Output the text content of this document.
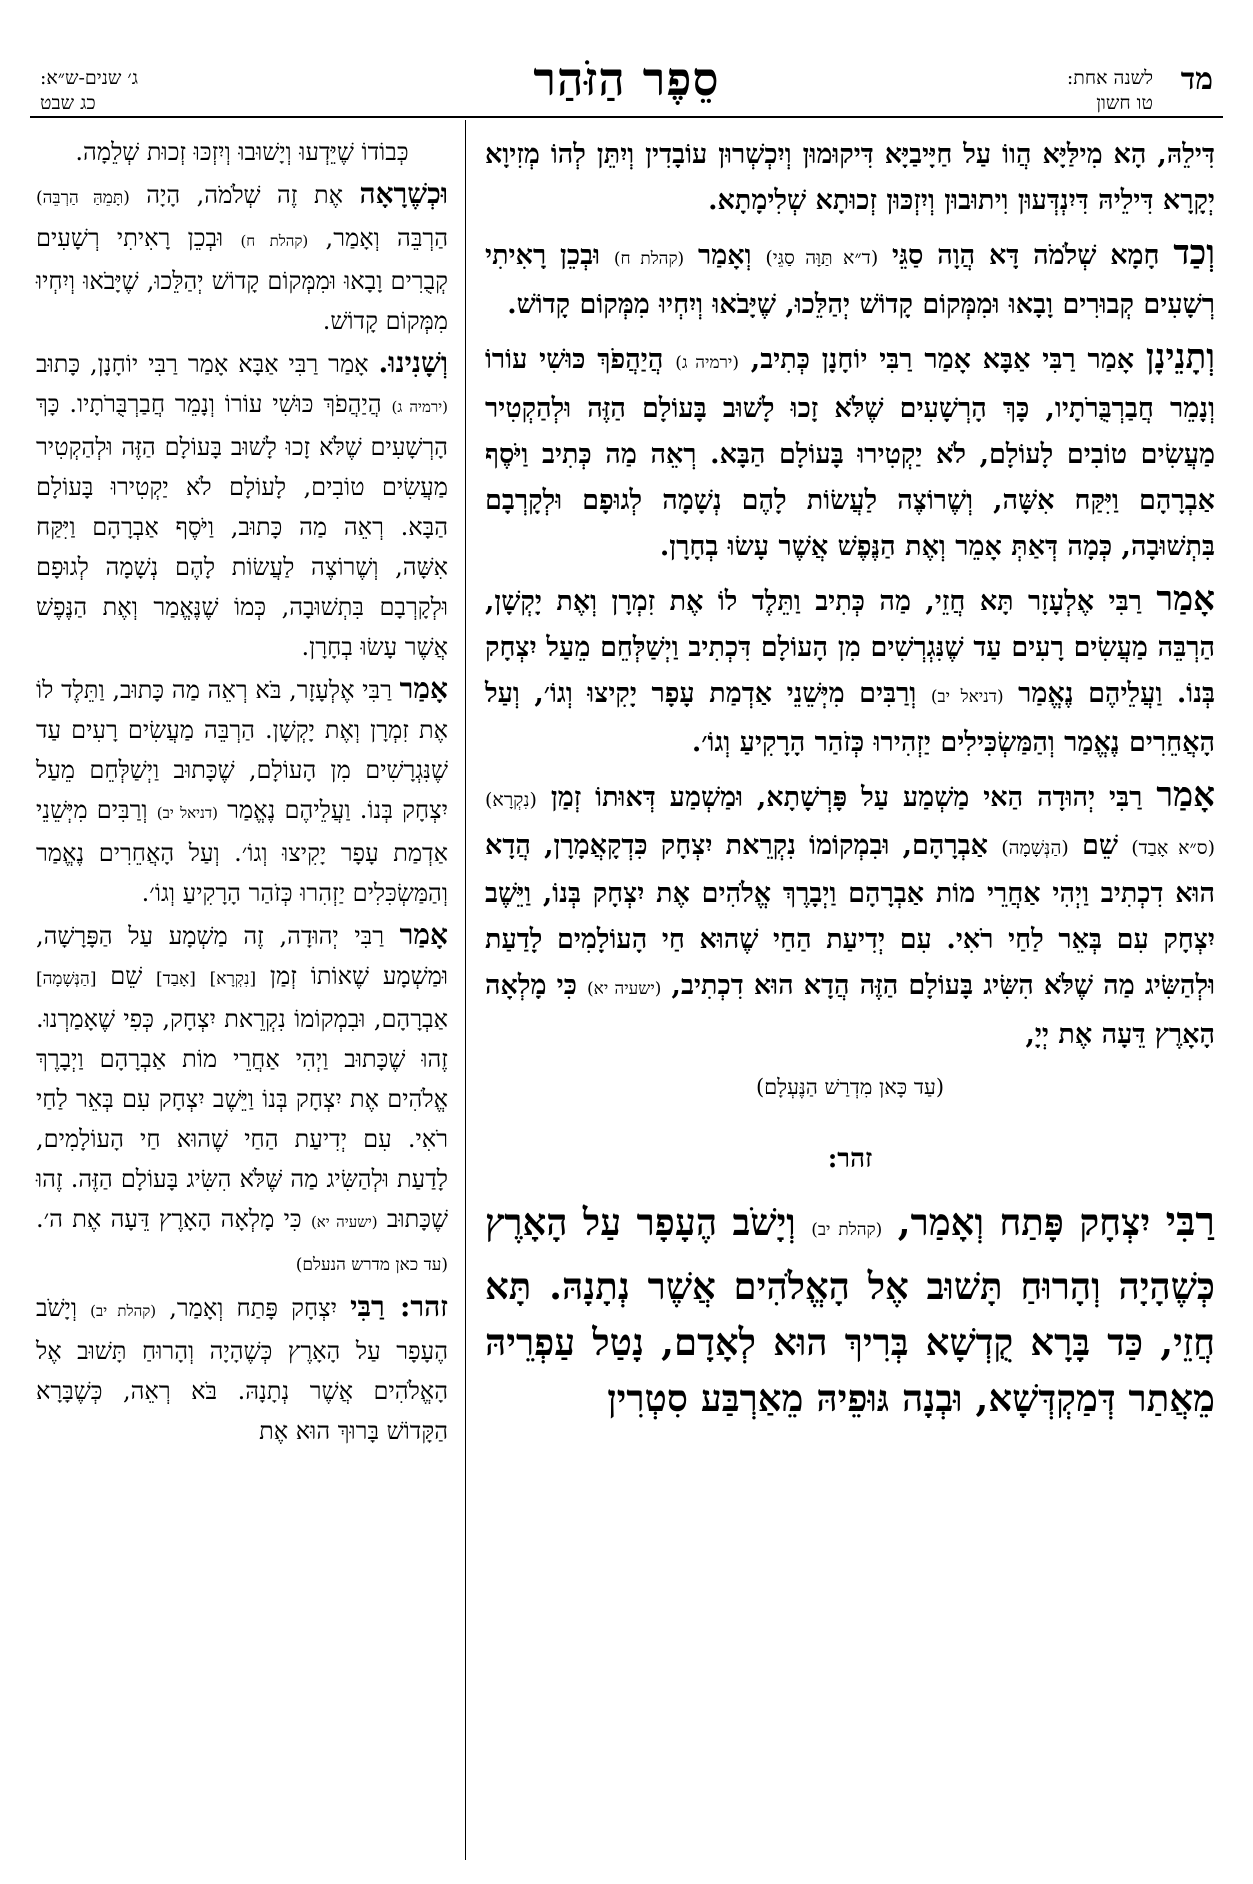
מד
לשנה אחת:
טו חשון
סֵפֶר הַזֹּהַר
ג׳ שנים-ש״א:
כג שבט

דִּילֵהּ, הָא מִילַּיָּא הֲווֹ עַל חַיָּיבַיָּא דִּיקוּמוּן וְיִכְשְׁרוּן עוֹבָדִין וְיִתֵּן לְהוֹ מְזִיוָא יְקָרָא דִּילֵיהּ דִּיִנְדְּעוּן וִיתוּבוּן וְיִזְכּוּן זְכוּתָא שְׁלִימָתָא.

וְכַד חָמָא שְׁלֹמֹה דָּא הֲוָה סַגֵּי (ד״א תַּוָּה סַגֵּי) וְאָמַר (קהלת ח) וּבְכֵן רָאִיתִי רְשָׁעִים קְבוּרִים וָבָאוּ וּמִמְּקוֹם קָדוֹשׁ יְהַלֵּכוּ, שֶׁיָּבֹאוּ וְיִחְיוּ מִמְּקוֹם קָדוֹשׁ.

וְתָנֵינָן אָמַר רַבִּי אַבָּא אָמַר רַבִּי יוֹחָנָן כְּתִיב, (ירמיה ג) הֲיַהֲפֹךְ כּוּשִׁי עוֹרוֹ וְנָמֵר חֲבַרְבֻּרֹתָיו, כָּךְ הָרְשָׁעִים שֶׁלֹּא זָכוּ לָשׁוּב בָּעוֹלָם הַזֶּה וּלְהַקְטִיר מַעֲשִׂים טוֹבִים לָעוֹלָם, לֹא יַקְטִירוּ בָּעוֹלָם הַבָּא. רְאֵה מַה כְּתִיב וַיֹּסֶף אַבְרָהָם וַיִּקַּח אִשָּׁה, וְשֶׁרוֹצֶה לַעֲשׂוֹת לָהֶם נְשָׁמָה לְגוּפָם וּלְקָרְבָם בִּתְשׁוּבָה, כְּמָה דְּאַתְּ אָמֵר וְאֶת הַנֶּפֶשׁ אֲשֶׁר עָשׂוּ בְחָרָן.

אָמַר רַבִּי אֶלְעָזָר תָּא חֲזֵי, מַה כְּתִיב וַתֵּלֶד לוֹ אֶת זִמְרָן וְאֶת יָקְשָׁן, הַרְבֵּה מַעֲשִׂים רָעִים עַד שֶׁנִּגְרְשִׁים מִן הָעוֹלָם דִּכְתִיב וַיְשַׁלְּחֵם מֵעַל יִצְחָק בְּנוֹ. וַעֲלֵיהֶם נֶאֱמַר (דניאל יב) וְרַבִּים מִיְּשֵׁנֵי אַדְמַת עָפָר יָקִיצוּ וְגוֹ׳, וְעַל הָאֲחֵרִים נֶאֱמַר וְהַמַּשְׂכִּילִים יַזְהִירוּ כְּזֹהַר הָרָקִיעַ וְגוֹ׳.

אָמַר רַבִּי יְהוּדָה הַאי מַשְׁמַע עַל פָּרְשָׁתָא, וּמַשְׁמַע דְּאוּתוֹ זְמַן (נִקְרָא) (ס״א אָבַד) שֵׁם (הַנְּשָׁמָה) אַבְרָהָם, וּבִמְקוֹמוֹ נִקְרֵאת יִצְחָק כִּדְקָאֲמָרָן, הֲדָא הוּא דִכְתִיב וַיְהִי אַחֲרֵי מוֹת אַבְרָהָם וַיְבָרֶךְ אֱלֹהִים אֶת יִצְחָק בְּנוֹ, וַיֵּשֶׁב יִצְחָק עִם בְּאֵר לַחַי רֹאִי. עִם יְדִיעַת הַחַי שֶׁהוּא חַי הָעוֹלָמִים לָדַעַת וּלְהַשִּׂיג מַה שֶׁלֹּא הִשִּׂיג בָּעוֹלָם הַזֶּה הֲדָא הוּא דִכְתִיב, (ישעיה יא) כִּי מָלְאָה הָאָרֶץ דֵּעָה אֶת יְיָ,

(עַד כָּאן מִדְרַשׁ הַנֶּעְלָם)

זהר:

רַבִּי יִצְחָק פָּתַח וְאָמַר, (קהלת יב) וְיָשֹׁב הֶעָפָר עַל הָאָרֶץ כְּשֶׁהָיָה וְהָרוּחַ תָּשׁוּב אֶל הָאֱלֹהִים אֲשֶׁר נְתָנָהּ. תָּא חֲזֵי, כַּד בָּרָא קֻדְשָׁא בְּרִיךְ הוּא לְאָדָם, נָטַל עַפְרֵיהּ מֵאֲתַר דְּמַקְדְּשָׁא, וּבְנָה גּוּפֵיהּ מֵאַרְבַּע סִטְרִין

כְּבוֹדוֹ שֶׁיֵּדְעוּ וְיָשׁוּבוּ וְיִזְכּוּ זְכוּת שְׁלֵמָה.

וּכְשֶׁרָאָה אֶת זֶה שְׁלֹמֹה, הָיָה (תָּמֵהַּ הַרְבֵּה) הַרְבֵּה וְאָמַר, (קהלת ח) וּבְכֵן רָאִיתִי רְשָׁעִים קְבֻרִים וָבָאוּ וּמִמְּקוֹם קָדוֹשׁ יְהַלֵּכוּ, שֶׁיָּבֹאוּ וְיִחְיוּ מִמְּקוֹם קָדוֹשׁ.

וְשָׁנִינוּ. אָמַר רַבִּי אַבָּא אָמַר רַבִּי יוֹחָנָן, כָּתוּב (ירמיה ג) הֲיַהֲפֹךְ כּוּשִׁי עוֹרוֹ וְנָמֵר חֲבַרְבֻּרֹתָיו. כָּךְ הָרְשָׁעִים שֶׁלֹּא זָכוּ לָשׁוּב בָּעוֹלָם הַזֶּה וּלְהַקְטִיר מַעֲשִׂים טוֹבִים, לָעוֹלָם לֹא יַקְטִירוּ בָּעוֹלָם הַבָּא. רְאֵה מַה כָּתוּב, וַיֹּסֶף אַבְרָהָם וַיִּקַּח אִשָּׁה, וְשֶׁרוֹצֶה לַעֲשׂוֹת לָהֶם נְשָׁמָה לְגוּפָם וּלְקָרְבָם בִּתְשׁוּבָה, כְּמוֹ שֶׁנֶּאֱמַר וְאֶת הַנֶּפֶשׁ אֲשֶׁר עָשׂוּ בְחָרָן.

אָמַר רַבִּי אֶלְעָזָר, בֹּא רְאֵה מַה כָּתוּב, וַתֵּלֶד לוֹ אֶת זִמְרָן וְאֶת יָקְשָׁן. הַרְבֵּה מַעֲשִׂים רָעִים עַד שֶׁנִּגְרָשִׁים מִן הָעוֹלָם, שֶׁכָּתוּב וַיְשַׁלְּחֵם מֵעַל יִצְחָק בְּנוֹ. וַעֲלֵיהֶם נֶאֱמַר (דניאל יב) וְרַבִּים מִיְּשֵׁנֵי אַדְמַת עָפָר יָקִיצוּ וְגוֹ׳. וְעַל הָאֲחֵרִים נֶאֱמַר וְהַמַּשְׂכִּלִים יַזְהִרוּ כְּזֹהַר הָרָקִיעַ וְגוֹ׳.

אָמַר רַבִּי יְהוּדָה, זֶה מַשְׁמָע עַל הַפָּרָשָׁה, וּמַשְׁמָע שֶׁאוֹתוֹ זְמַן [נִקְרָא] [אָבַד] שֵׁם [הַנְּשָׁמָה] אַבְרָהָם, וּבִמְקוֹמוֹ נִקְרֵאת יִצְחָק, כְּפִי שֶׁאָמַרְנוּ. זֶהוּ שֶׁכָּתוּב וַיְהִי אַחֲרֵי מוֹת אַבְרָהָם וַיְבָרֶךְ אֱלֹהִים אֶת יִצְחָק בְּנוֹ וַיֵּשֶׁב יִצְחָק עִם בְּאֵר לַחַי רֹאִי. עִם יְדִיעַת הַחַי שֶׁהוּא חַי הָעוֹלָמִים, לָדַעַת וּלְהַשִּׂיג מַה שֶּׁלֹּא הִשִּׂיג בָּעוֹלָם הַזֶּה. זֶהוּ שֶׁכָּתוּב (ישעיה יא) כִּי מָלְאָה הָאָרֶץ דֵּעָה אֶת ה׳. (עד כאן מדרש הנעלם)

זהר: רַבִּי יִצְחָק פָּתַח וְאָמַר, (קהלת יב) וְיָשֹׁב הֶעָפָר עַל הָאָרֶץ כְּשֶׁהָיָה וְהָרוּחַ תָּשׁוּב אֶל הָאֱלֹהִים אֲשֶׁר נְתָנָהּ. בֹּא רְאֵה, כְּשֶׁבָּרָא הַקָּדוֹשׁ בָּרוּךְ הוּא אֶת
